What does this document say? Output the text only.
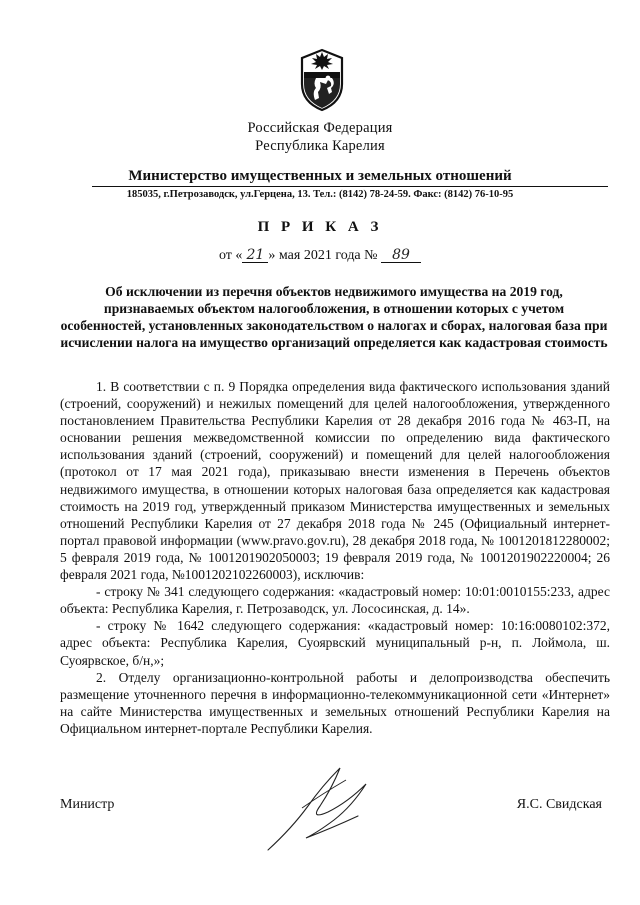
Российская Федерация
Республика Карелия
Министерство имущественных и земельных отношений
185035, г.Петрозаводск, ул.Герцена, 13. Тел.: (8142) 78-24-59. Факс: (8142) 76-10-95
П Р И К А З
от « 21 » мая 2021 года № 89
Об исключении из перечня объектов недвижимого имущества на 2019 год, признаваемых объектом налогообложения, в отношении которых с учетом особенностей, установленных законодательством о налогах и сборах, налоговая база при исчислении налога на имущество организаций определяется как кадастровая стоимость

1. В соответствии с п. 9 Порядка определения вида фактического использования зданий (строений, сооружений) и нежилых помещений для целей налогообложения, утвержденного постановлением Правительства Республики Карелия от 28 декабря 2016 года № 463-П, на основании решения межведомственной комиссии по определению вида фактического использования зданий (строений, сооружений) и помещений для целей налогообложения (протокол от 17 мая 2021 года), приказываю внести изменения в Перечень объектов недвижимого имущества, в отношении которых налоговая база определяется как кадастровая стоимость на 2019 год, утвержденный приказом Министерства имущественных и земельных отношений Республики Карелия от 27 декабря 2018 года № 245 (Официальный интернет-портал правовой информации (www.pravo.gov.ru), 28 декабря 2018 года, № 1001201812280002; 5 февраля 2019 года, № 1001201902050003; 19 февраля 2019 года, № 1001201902220004; 26 февраля 2021 года, №1001202102260003), исключив:

- строку № 341 следующего содержания: «кадастровый номер: 10:01:0010155:233, адрес объекта: Республика Карелия, г. Петрозаводск, ул. Лососинская, д. 14».

- строку № 1642 следующего содержания: «кадастровый номер: 10:16:0080102:372, адрес объекта: Республика Карелия, Суоярвский муниципальный р-н, п. Лоймола, ш. Суоярвское, б/н,»;

2. Отделу организационно-контрольной работы и делопроизводства обеспечить размещение уточненного перечня в информационно-телекоммуникационной сети «Интернет» на сайте Министерства имущественных и земельных отношений Республики Карелия на Официальном интернет-портале Республики Карелия.

Министр	Я.С. Свидская
